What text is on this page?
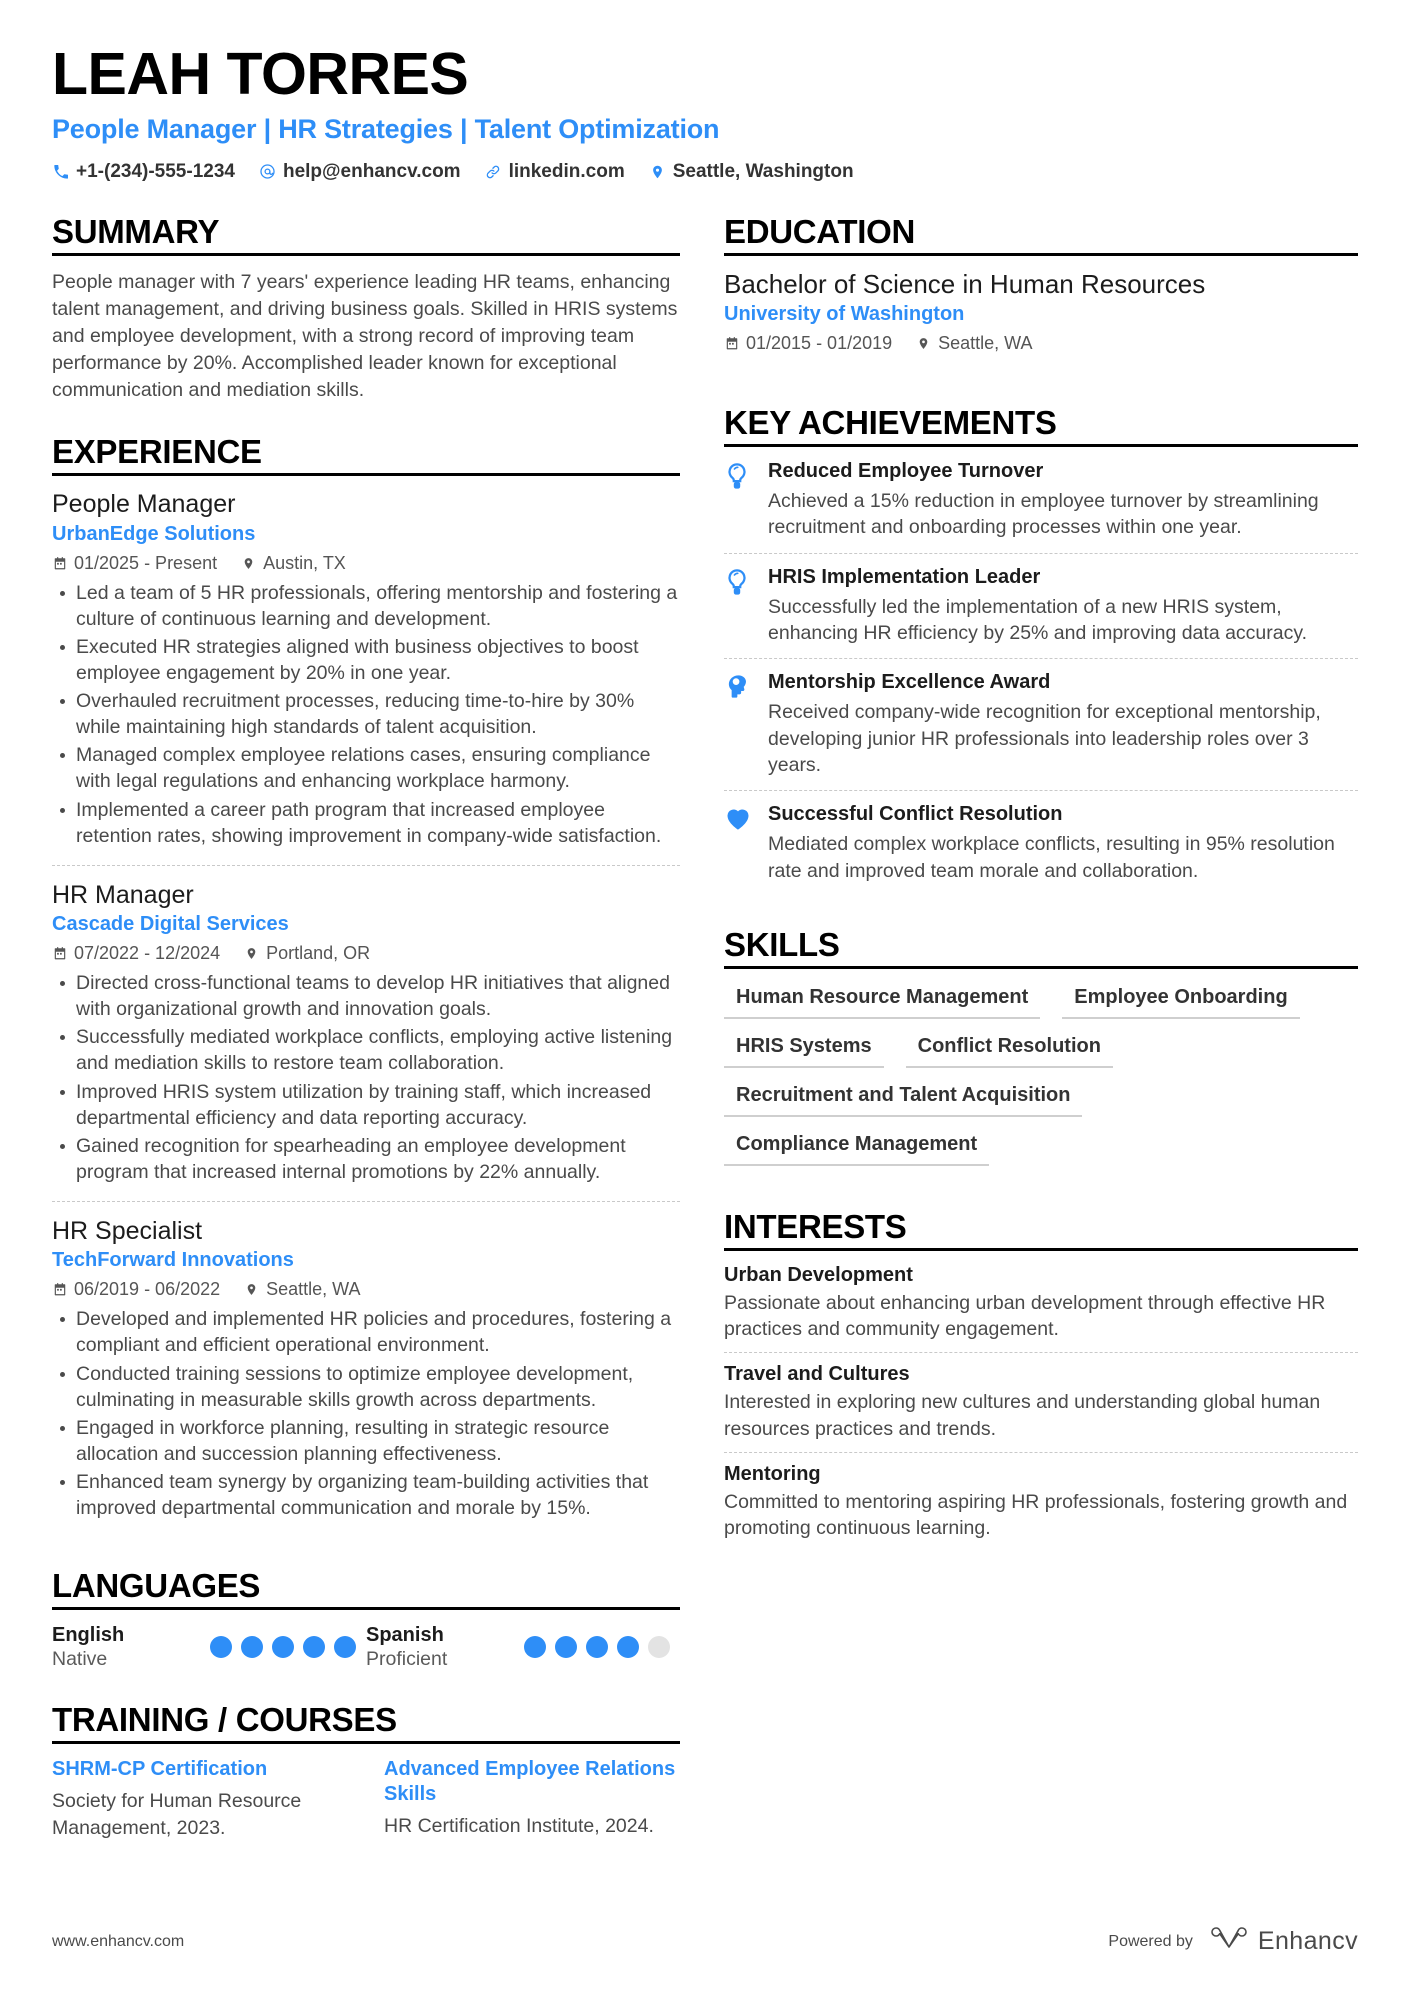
LEAH TORRES
People Manager | HR Strategies | Talent Optimization
+1-(234)-555-1234	help@enhancv.com	linkedin.com	Seattle, Washington
SUMMARY
People manager with 7 years' experience leading HR teams, enhancing talent management, and driving business goals. Skilled in HRIS systems and employee development, with a strong record of improving team performance by 20%. Accomplished leader known for exceptional communication and mediation skills.
EXPERIENCE
People Manager
UrbanEdge Solutions
01/2025 - Present	Austin, TX
Led a team of 5 HR professionals, offering mentorship and fostering a culture of continuous learning and development.
Executed HR strategies aligned with business objectives to boost employee engagement by 20% in one year.
Overhauled recruitment processes, reducing time-to-hire by 30% while maintaining high standards of talent acquisition.
Managed complex employee relations cases, ensuring compliance with legal regulations and enhancing workplace harmony.
Implemented a career path program that increased employee retention rates, showing improvement in company-wide satisfaction.
HR Manager
Cascade Digital Services
07/2022 - 12/2024	Portland, OR
Directed cross-functional teams to develop HR initiatives that aligned with organizational growth and innovation goals.
Successfully mediated workplace conflicts, employing active listening and mediation skills to restore team collaboration.
Improved HRIS system utilization by training staff, which increased departmental efficiency and data reporting accuracy.
Gained recognition for spearheading an employee development program that increased internal promotions by 22% annually.
HR Specialist
TechForward Innovations
06/2019 - 06/2022	Seattle, WA
Developed and implemented HR policies and procedures, fostering a compliant and efficient operational environment.
Conducted training sessions to optimize employee development, culminating in measurable skills growth across departments.
Engaged in workforce planning, resulting in strategic resource allocation and succession planning effectiveness.
Enhanced team synergy by organizing team-building activities that improved departmental communication and morale by 15%.
LANGUAGES
English
Native
Spanish
Proficient
TRAINING / COURSES
SHRM-CP Certification
Society for Human Resource Management, 2023.
Advanced Employee Relations Skills
HR Certification Institute, 2024.
EDUCATION
Bachelor of Science in Human Resources
University of Washington
01/2015 - 01/2019	Seattle, WA
KEY ACHIEVEMENTS
Reduced Employee Turnover
Achieved a 15% reduction in employee turnover by streamlining recruitment and onboarding processes within one year.
HRIS Implementation Leader
Successfully led the implementation of a new HRIS system, enhancing HR efficiency by 25% and improving data accuracy.
Mentorship Excellence Award
Received company-wide recognition for exceptional mentorship, developing junior HR professionals into leadership roles over 3 years.
Successful Conflict Resolution
Mediated complex workplace conflicts, resulting in 95% resolution rate and improved team morale and collaboration.
SKILLS
Human Resource Management	Employee Onboarding
HRIS Systems	Conflict Resolution
Recruitment and Talent Acquisition
Compliance Management
INTERESTS
Urban Development
Passionate about enhancing urban development through effective HR practices and community engagement.
Travel and Cultures
Interested in exploring new cultures and understanding global human resources practices and trends.
Mentoring
Committed to mentoring aspiring HR professionals, fostering growth and promoting continuous learning.
www.enhancv.com	Powered by	Enhancv
